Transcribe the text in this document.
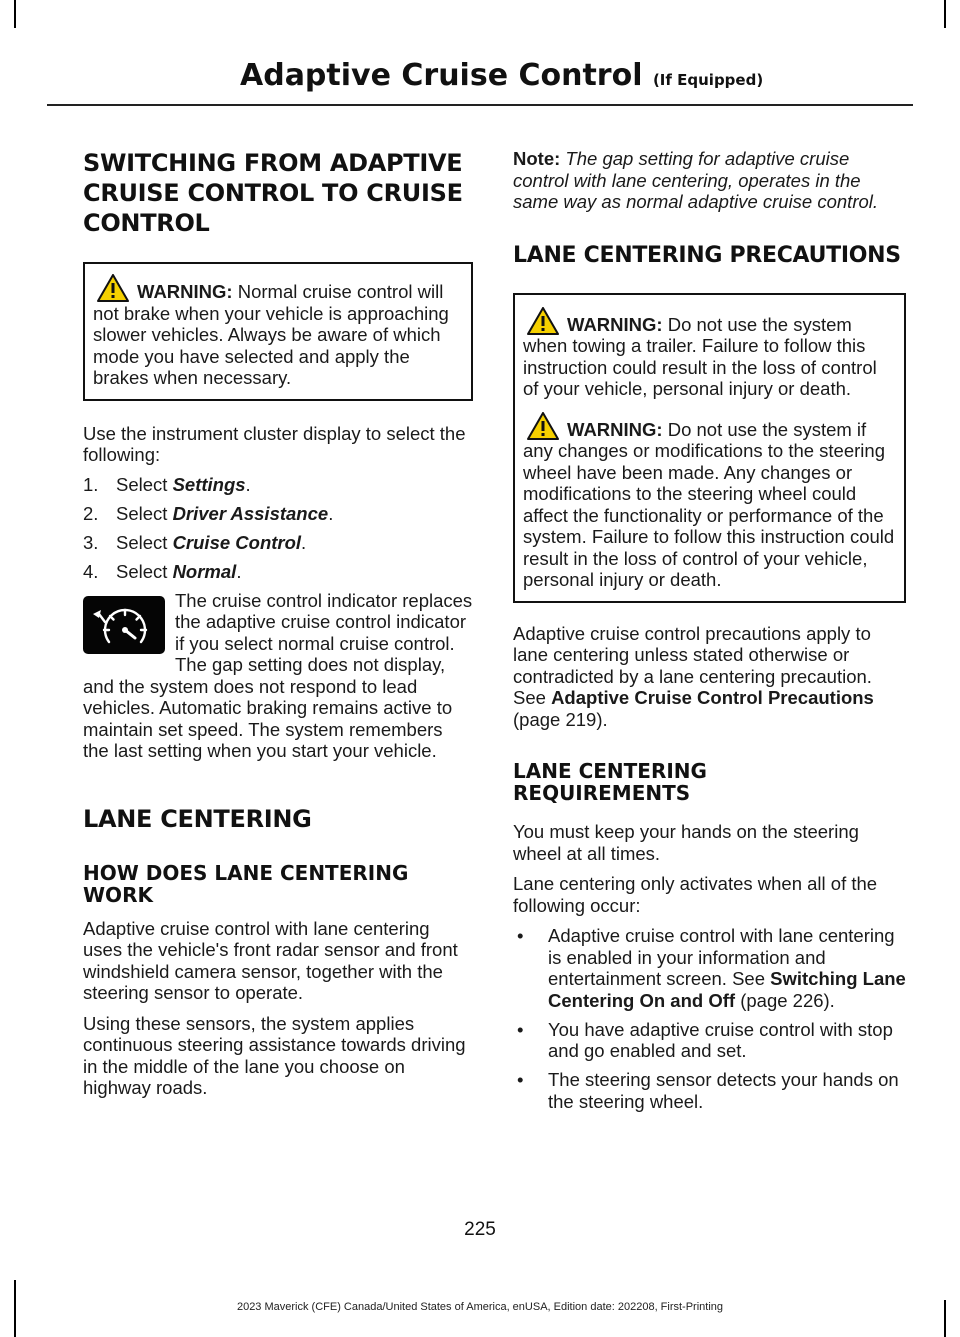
Adaptive Cruise Control (If Equipped)
SWITCHING FROM ADAPTIVE
CRUISE CONTROL TO CRUISE
CONTROL

WARNING: Normal cruise control will not brake when your vehicle is approaching slower vehicles. Always be aware of which mode you have selected and apply the brakes when necessary.

Use the instrument cluster display to select the following:

1. Select Settings.
2. Select Driver Assistance.
3. Select Cruise Control.
4. Select Normal.

The cruise control indicator replaces the adaptive cruise control indicator if you select normal cruise control. The gap setting does not display, and the system does not respond to lead vehicles. Automatic braking remains active to maintain set speed. The system remembers the last setting when you start your vehicle.

LANE CENTERING
HOW DOES LANE CENTERING WORK

Adaptive cruise control with lane centering uses the vehicle's front radar sensor and front windshield camera sensor, together with the steering sensor to operate.

Using these sensors, the system applies continuous steering assistance towards driving in the middle of the lane you choose on highway roads.

Note: The gap setting for adaptive cruise control with lane centering, operates in the same way as normal adaptive cruise control.

LANE CENTERING PRECAUTIONS

WARNING: Do not use the system when towing a trailer. Failure to follow this instruction could result in the loss of control of your vehicle, personal injury or death.

WARNING: Do not use the system if any changes or modifications to the steering wheel have been made. Any changes or modifications to the steering wheel could affect the functionality or performance of the system. Failure to follow this instruction could result in the loss of control of your vehicle, personal injury or death.

Adaptive cruise control precautions apply to lane centering unless stated otherwise or contradicted by a lane centering precaution. See Adaptive Cruise Control Precautions (page 219).

LANE CENTERING REQUIREMENTS

You must keep your hands on the steering wheel at all times.

Lane centering only activates when all of the following occur:

•	Adaptive cruise control with lane centering is enabled in your information and entertainment screen. See Switching Lane Centering On and Off (page 226).
•	You have adaptive cruise control with stop and go enabled and set.
•	The steering sensor detects your hands on the steering wheel.
225
2023 Maverick (CFE) Canada/United States of America, enUSA, Edition date: 202208, First-Printing
